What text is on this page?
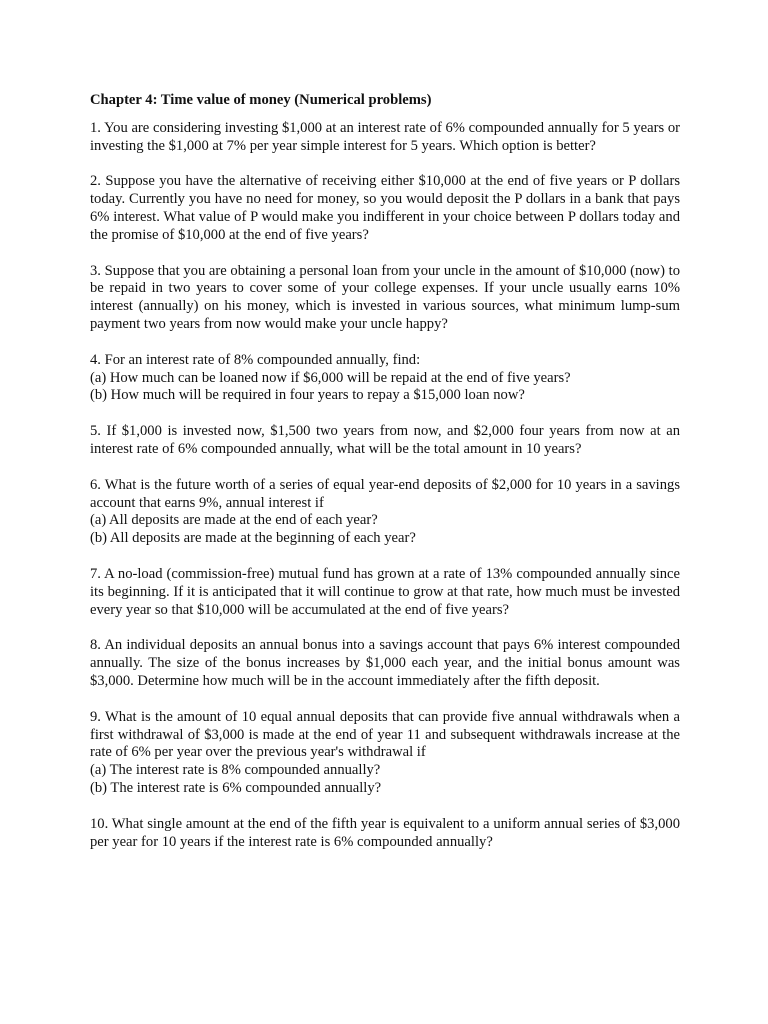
Chapter 4: Time value of money (Numerical problems)

1. You are considering investing $1,000 at an interest rate of 6% compounded annually for 5 years or investing the $1,000 at 7% per year simple interest for 5 years. Which option is better?

2. Suppose you have the alternative of receiving either $10,000 at the end of five years or P dollars today. Currently you have no need for money, so you would deposit the P dollars in a bank that pays 6% interest. What value of P would make you indifferent in your choice between P dollars today and the promise of $10,000 at the end of five years?

3. Suppose that you are obtaining a personal loan from your uncle in the amount of $10,000 (now) to be repaid in two years to cover some of your college expenses. If your uncle usually earns 10% interest (annually) on his money, which is invested in various sources, what minimum lump-sum payment two years from now would make your uncle happy?

4. For an interest rate of 8% compounded annually, find:

(a) How much can be loaned now if $6,000 will be repaid at the end of five years?

(b) How much will be required in four years to repay a $15,000 loan now?

5. If $1,000 is invested now, $1,500 two years from now, and $2,000 four years from now at an interest rate of 6% compounded annually, what will be the total amount in 10 years?

6. What is the future worth of a series of equal year-end deposits of $2,000 for 10 years in a savings account that earns 9%, annual interest if

(a) All deposits are made at the end of each year?

(b) All deposits are made at the beginning of each year?

7. A no-load (commission-free) mutual fund has grown at a rate of 13% compounded annually since its beginning. If it is anticipated that it will continue to grow at that rate, how much must be invested every year so that $10,000 will be accumulated at the end of five years?

8. An individual deposits an annual bonus into a savings account that pays 6% interest compounded annually. The size of the bonus increases by $1,000 each year, and the initial bonus amount was $3,000. Determine how much will be in the account immediately after the fifth deposit.

9. What is the amount of 10 equal annual deposits that can provide five annual withdrawals when a first withdrawal of $3,000 is made at the end of year 11 and subsequent withdrawals increase at the rate of 6% per year over the previous year's withdrawal if

(a) The interest rate is 8% compounded annually?

(b) The interest rate is 6% compounded annually?

10. What single amount at the end of the fifth year is equivalent to a uniform annual series of $3,000 per year for 10 years if the interest rate is 6% compounded annually?
